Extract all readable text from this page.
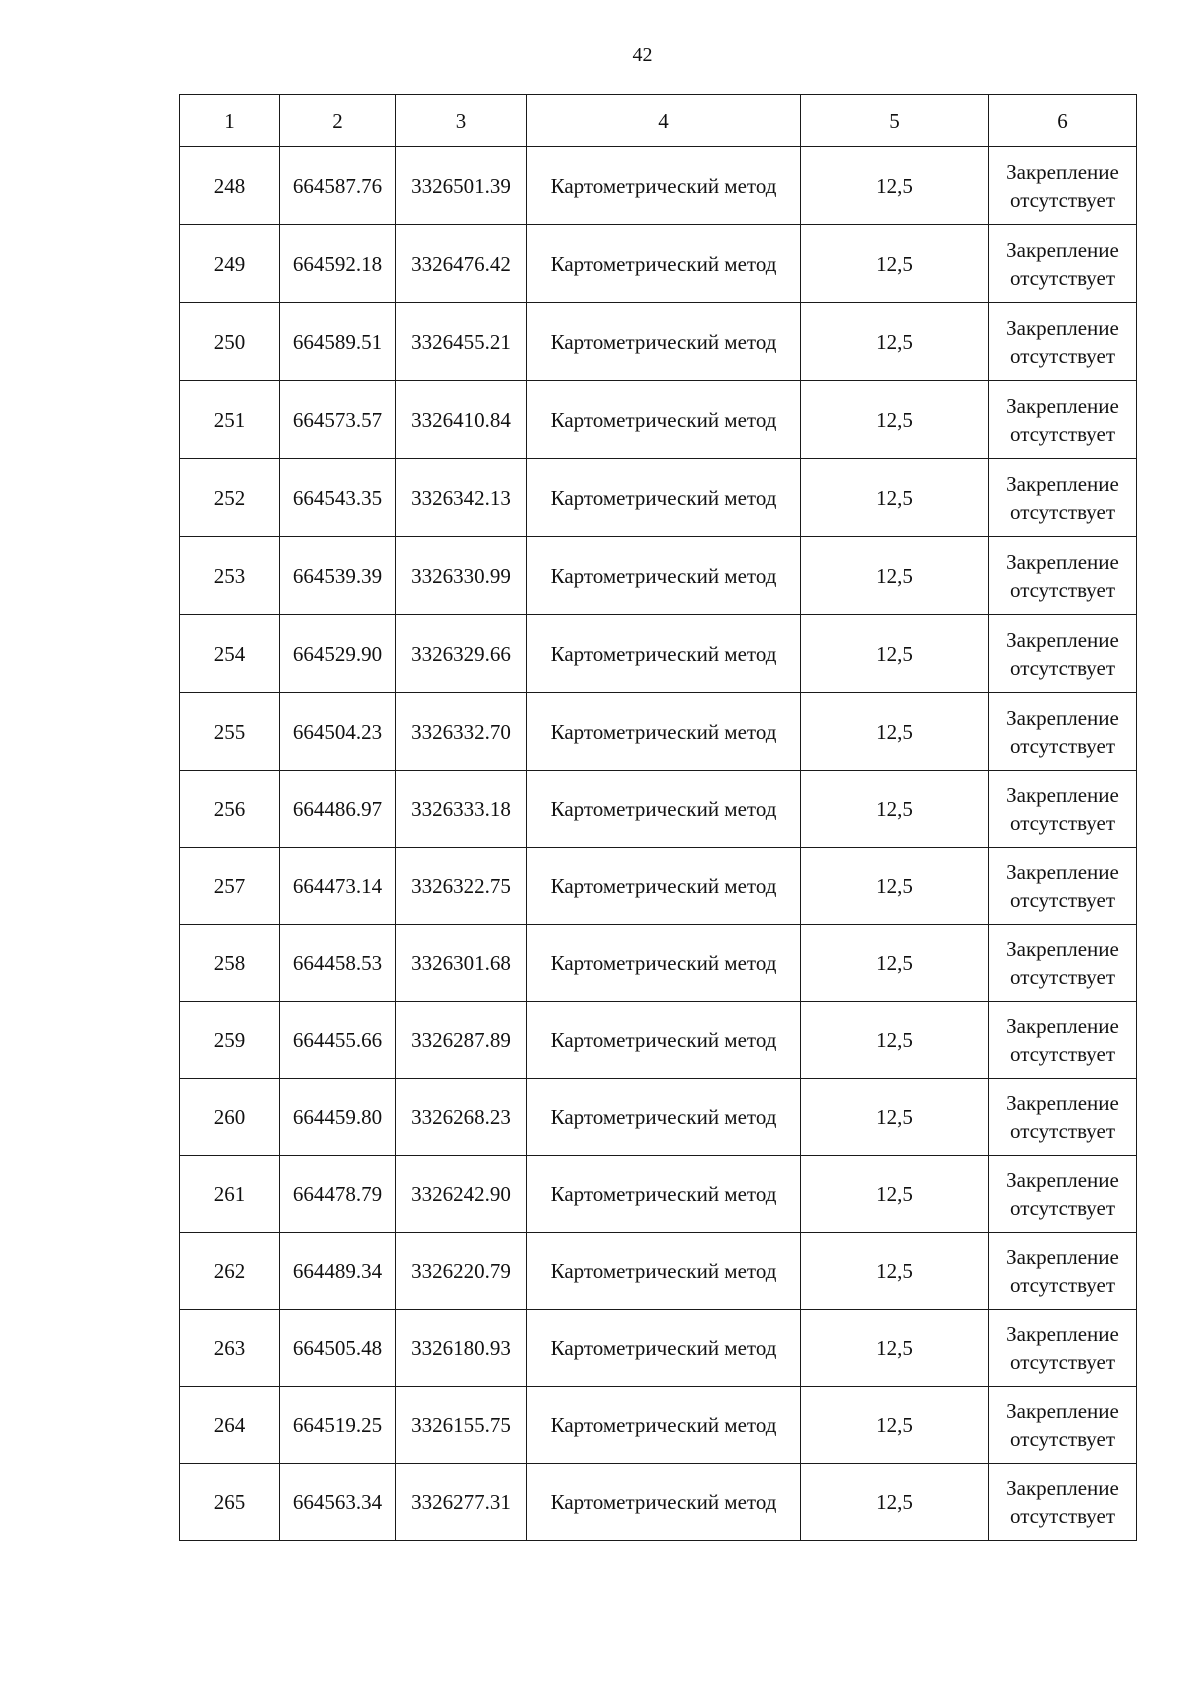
42
1	2	3	4	5	6
248	664587.76	3326501.39	Картометрический метод	12,5	Закрепление отсутствует
249	664592.18	3326476.42	Картометрический метод	12,5	Закрепление отсутствует
250	664589.51	3326455.21	Картометрический метод	12,5	Закрепление отсутствует
251	664573.57	3326410.84	Картометрический метод	12,5	Закрепление отсутствует
252	664543.35	3326342.13	Картометрический метод	12,5	Закрепление отсутствует
253	664539.39	3326330.99	Картометрический метод	12,5	Закрепление отсутствует
254	664529.90	3326329.66	Картометрический метод	12,5	Закрепление отсутствует
255	664504.23	3326332.70	Картометрический метод	12,5	Закрепление отсутствует
256	664486.97	3326333.18	Картометрический метод	12,5	Закрепление отсутствует
257	664473.14	3326322.75	Картометрический метод	12,5	Закрепление отсутствует
258	664458.53	3326301.68	Картометрический метод	12,5	Закрепление отсутствует
259	664455.66	3326287.89	Картометрический метод	12,5	Закрепление отсутствует
260	664459.80	3326268.23	Картометрический метод	12,5	Закрепление отсутствует
261	664478.79	3326242.90	Картометрический метод	12,5	Закрепление отсутствует
262	664489.34	3326220.79	Картометрический метод	12,5	Закрепление отсутствует
263	664505.48	3326180.93	Картометрический метод	12,5	Закрепление отсутствует
264	664519.25	3326155.75	Картометрический метод	12,5	Закрепление отсутствует
265	664563.34	3326277.31	Картометрический метод	12,5	Закрепление отсутствует
